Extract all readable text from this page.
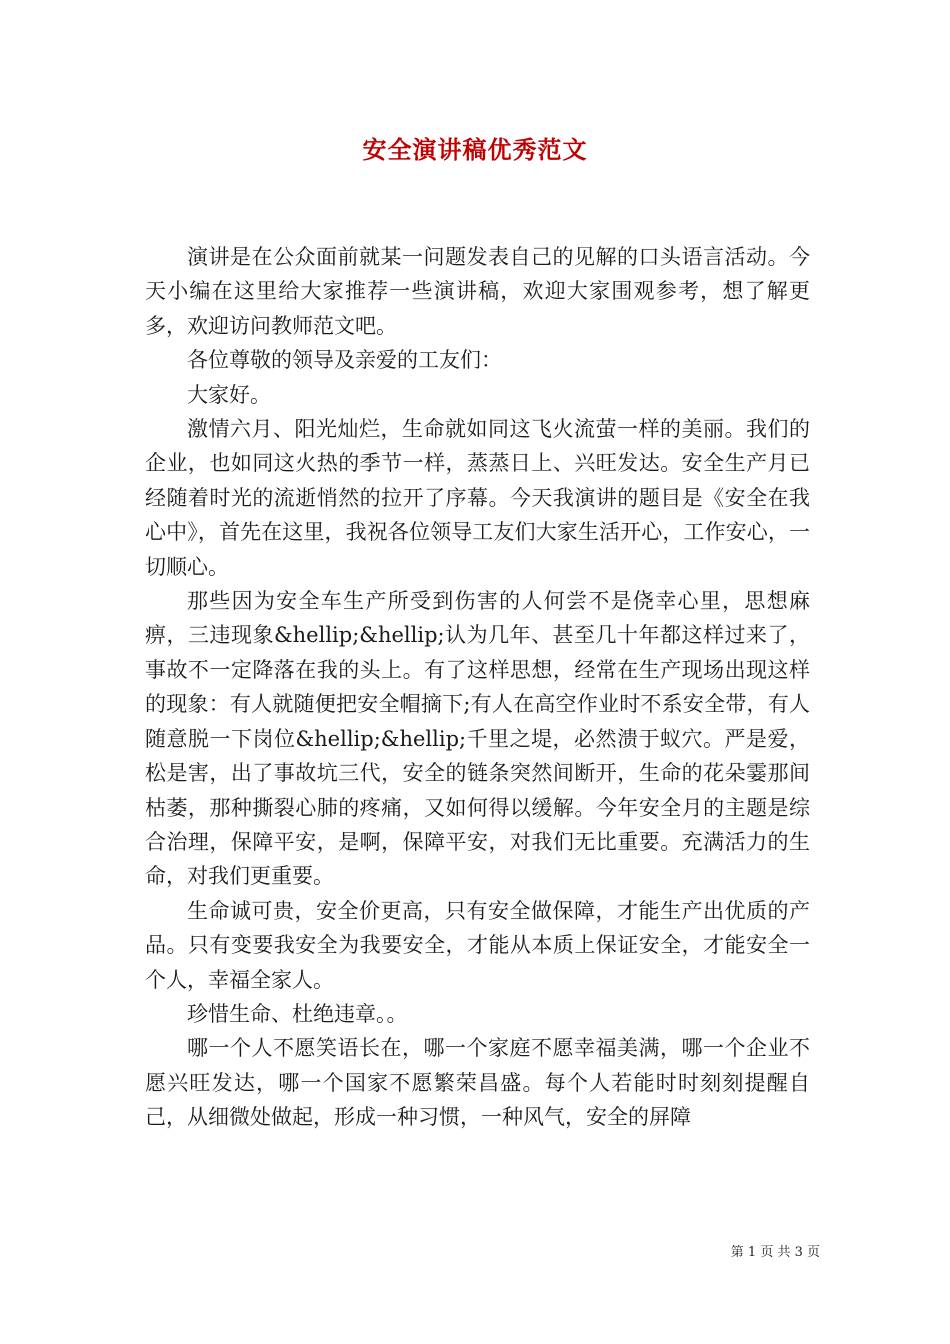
安全演讲稿优秀范文

演讲是在公众面前就某一问题发表自己的见解的口头语言活动。今天小编在这里给大家推荐一些演讲稿，欢迎大家围观参考，想了解更多，欢迎访问教师范文吧。

各位尊敬的领导及亲爱的工友们：

大家好。

激情六月、阳光灿烂，生命就如同这飞火流萤一样的美丽。我们的企业，也如同这火热的季节一样，蒸蒸日上、兴旺发达。安全生产月已经随着时光的流逝悄然的拉开了序幕。今天我演讲的题目是《安全在我心中》，首先在这里，我祝各位领导工友们大家生活开心，工作安心，一切顺心。

那些因为安全车生产所受到伤害的人何尝不是侥幸心里，思想麻痹，三违现象&hellip;&hellip;认为几年、甚至几十年都这样过来了，事故不一定降落在我的头上。有了这样思想，经常在生产现场出现这样的现象：有人就随便把安全帽摘下;有人在高空作业时不系安全带，有人随意脱一下岗位&hellip;&hellip;千里之堤，必然溃于蚁穴。严是爱，松是害，出了事故坑三代，安全的链条突然间断开，生命的花朵霎那间枯萎，那种撕裂心肺的疼痛，又如何得以缓解。今年安全月的主题是综合治理，保障平安，是啊，保障平安，对我们无比重要。充满活力的生命，对我们更重要。

生命诚可贵，安全价更高，只有安全做保障，才能生产出优质的产品。只有变要我安全为我要安全，才能从本质上保证安全，才能安全一个人，幸福全家人。

珍惜生命、杜绝违章。。

哪一个人不愿笑语长在，哪一个家庭不愿幸福美满，哪一个企业不愿兴旺发达，哪一个国家不愿繁荣昌盛。每个人若能时时刻刻提醒自己，从细微处做起，形成一种习惯，一种风气，安全的屏障

第 1 页 共 3 页
